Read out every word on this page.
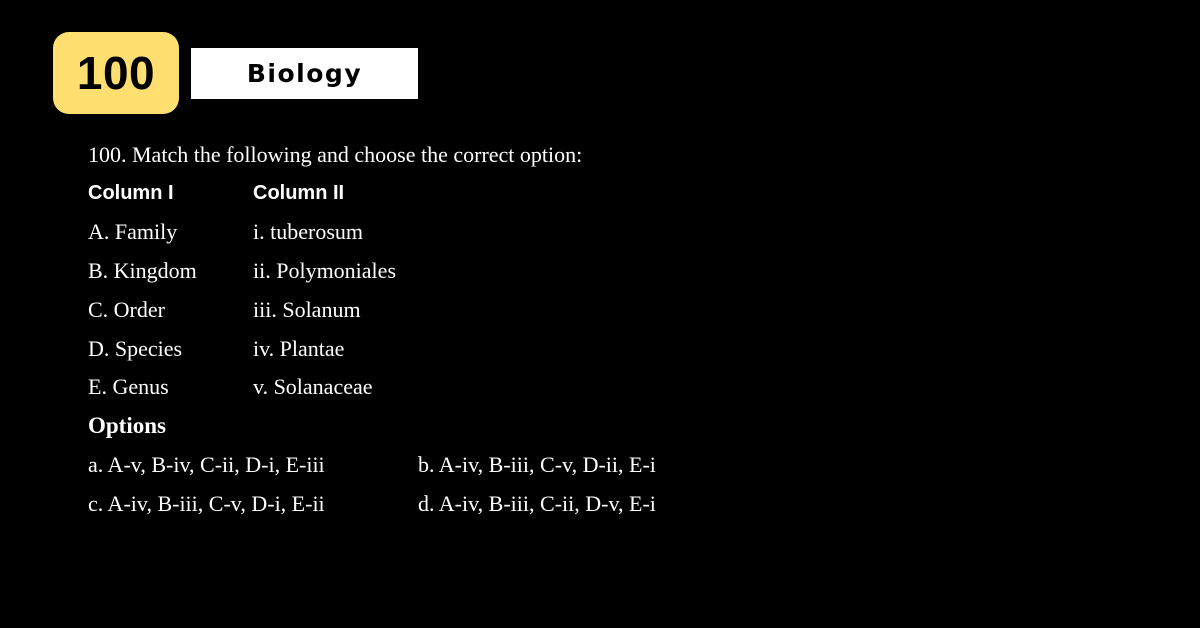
100	Biology
100. Match the following and choose the correct option:
Column I	Column II
A. Family	i. tuberosum
B. Kingdom	ii. Polymoniales
C. Order	iii. Solanum
D. Species	iv. Plantae
E. Genus	v. Solanaceae
Options
a. A-v, B-iv, C-ii, D-i, E-iii	b. A-iv, B-iii, C-v, D-ii, E-i
c. A-iv, B-iii, C-v, D-i, E-ii	d. A-iv, B-iii, C-ii, D-v, E-i
